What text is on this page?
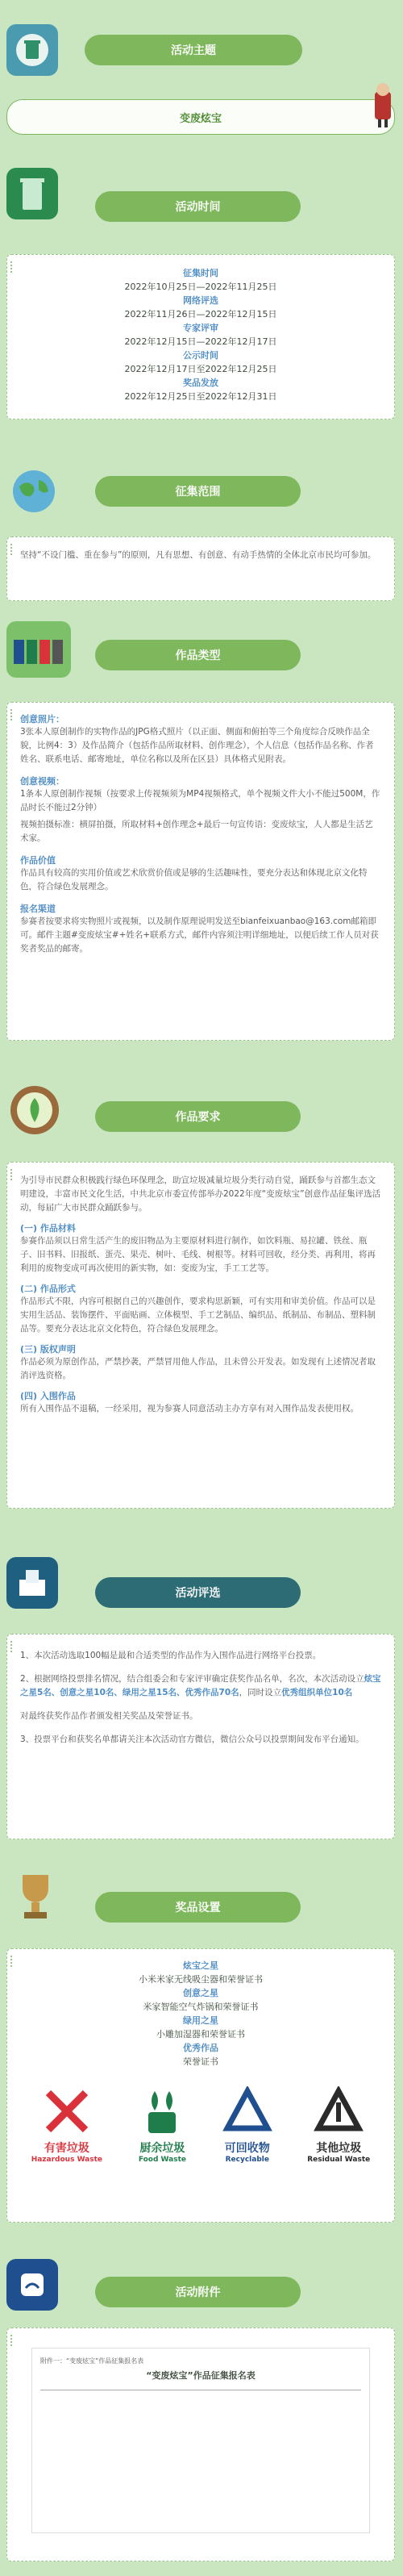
活动主题
变废炫宝
活动时间
征集时间
2022年10月25日—2022年11月25日
网络评选
2022年11月26日—2022年12月15日
专家评审
2022年12月15日—2022年12月17日
公示时间
2022年12月17日至2022年12月25日
奖品发放
2022年12月25日至2022年12月31日
征集范围
坚持“不设门槛、重在参与”的原则，凡有思想、有创意、有动手热情的全体北京市民均可参加。
作品类型
创意照片：
3张本人原创制作的实物作品的JPG格式照片（以正面、侧面和俯拍等三个角度综合反映作品全貌，比例4：3）及作品简介（包括作品所取材料、创作理念），个人信息（包括作品名称、作者姓名、联系电话、邮寄地址，单位名称以及所在区县）具体格式见附表。
创意视频：
1条本人原创制作视频（按要求上传视频须为MP4视频格式，单个视频文件大小不能过500M，作品时长不能过2分钟）
视频拍摄标准：横屏拍摄，所取材料+创作理念+最后一句宣传语：变废炫宝，人人都是生活艺术家。
作品价值
作品具有较高的实用价值或艺术欣赏价值或是够的生活趣味性，要充分表达和体现北京文化特色，符合绿色发展理念。
报名渠道
参赛者按要求将实物照片或视频，以及制作原理说明发送至bianfeixuanbao@163.com邮箱即可。邮件主题#变废炫宝#+姓名+联系方式，邮件内容须注明详细地址，以便后续工作人员对获奖者奖品的邮寄。
作品要求
为引导市民群众积极践行绿色环保理念，助宣垃圾减量垃圾分类行动自觉，踊跃参与首都生态文明建设，丰富市民文化生活，中共北京市委宣传部举办2022年度“变废炫宝”创意作品征集评选活动，每届广大市民群众踊跃参与。
(一) 作品材料
参赛作品须以日常生活产生的废旧物品为主要原材料进行制作，如饮料瓶、易拉罐、铁丝、瓶子、旧书料、旧报纸、蛋壳、果壳、树叶、毛线、树根等。材料可回收，经分类、再利用，将再利用的废物变成可再次使用的新实物，如：变废为宝，手工工艺等。
(二) 作品形式
作品形式不限，内容可根据自己的兴趣创作，要求构思新颖，可有实用和审美价值。作品可以是实用生活品、装饰摆件、平面贴画、立体模型、手工艺制品、编织品、纸制品、布制品、塑料制品等。要充分表达北京文化特色，符合绿色发展理念。
(三) 版权声明
作品必须为原创作品，严禁抄袭，严禁冒用他人作品，且未曾公开发表。如发现有上述情况者取消评选资格。
(四) 入围作品
所有入围作品不退稿，一经采用，视为参赛人同意活动主办方享有对入围作品发表使用权。
活动评选
1、本次活动选取100幅是最和合适类型的作品作为入围作品进行网络平台投票。
2、根据网络投票排名情况，结合组委会和专家评审确定获奖作品名单，名次，本次活动设立炫宝之星5名、创意之星10名、绿用之星15名、优秀作品70名，同时设立优秀组织单位10名
对最终获奖作品作者颁发相关奖品及荣誉证书。
3、投票平台和获奖名单都请关注本次活动官方微信，微信公众号以投票期间发布平台通知。
奖品设置
炫宝之星
小米米家无线吸尘器和荣誉证书
创意之星
米家智能空气炸锅和荣誉证书
绿用之星
小雕加湿器和荣誉证书
优秀作品
荣誉证书
有害垃圾
Hazardous Waste
厨余垃圾
Food Waste
可回收物
Recyclable
其他垃圾
Residual Waste
活动附件
附件一：“变废炫宝”作品征集报名表
“变废炫宝”作品征集报名表
